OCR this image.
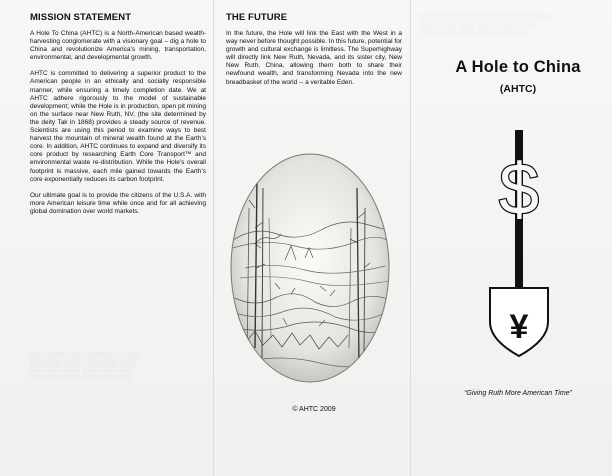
░░░░ ░░░░░░ ░░░ ░░░░░ ░░░░ ░░░ ░░░
░░░░░ ░░░ ░░░░ ░░░░░░ ░░░ ░░░░
░░░ ░░░░░ ░░░░ ░░░ ░░░░░░ ░░
░░░░ ░░░░░ ░░░ ░░░░░░ ░░░ ░░░
░░░ ░░░░ ░░░░░ ░░░ ░░░░ ░░░░
░░░░ ░░░ ░░░░ ░░░░░ ░░░ ░░░
░░░ ░░░░░ ░░░ ░░░░ ░░░░░ ░░
MISSION STATEMENT

A Hole To China (AHTC) is a North-American based wealth-harvesting conglomerate with a visionary goal – dig a hole to China and revolutionize America’s mining, transportation, environmental, and developmental growth.

AHTC is committed to delivering a superior product to the American people in an ethically and socially responsible manner, while ensuring a timely completion date. We at AHTC adhere rigorously to the model of sustainable development; while the Hole is in production, open pit mining on the surface near New Ruth, NV, (the site determined by the deity Tak in 1868) provides a steady source of revenue. Scientists are using this period to examine ways to best harvest the mountain of mineral wealth found at the Earth’s core. In addition, AHTC continues to expand and diversify its core product by researching Earth Core Transport™ and environmental waste re-distribution. While the Hole’s overall footprint is massive, each mile gained towards the Earth’s core exponentially reduces its carbon footprint.

Our ultimate goal is to provide the citizens of the U.S.A. with more American leisure time while once and for all achieving global domination over world markets.

THE FUTURE

In the future, the Hole will link the East with the West in a way never before thought possible. In this future, potential for growth and cultural exchange is limitless. The Superhighway will directly link New Ruth, Nevada, and its sister city, New New Ruth, China, allowing them both to share their newfound wealth, and transforming Nevada into the new breadbasket of the world -- a veritable Eden.

© AHTC 2009
A Hole to China
(AHTC)
$
¥
“Giving Ruth More American Time”
